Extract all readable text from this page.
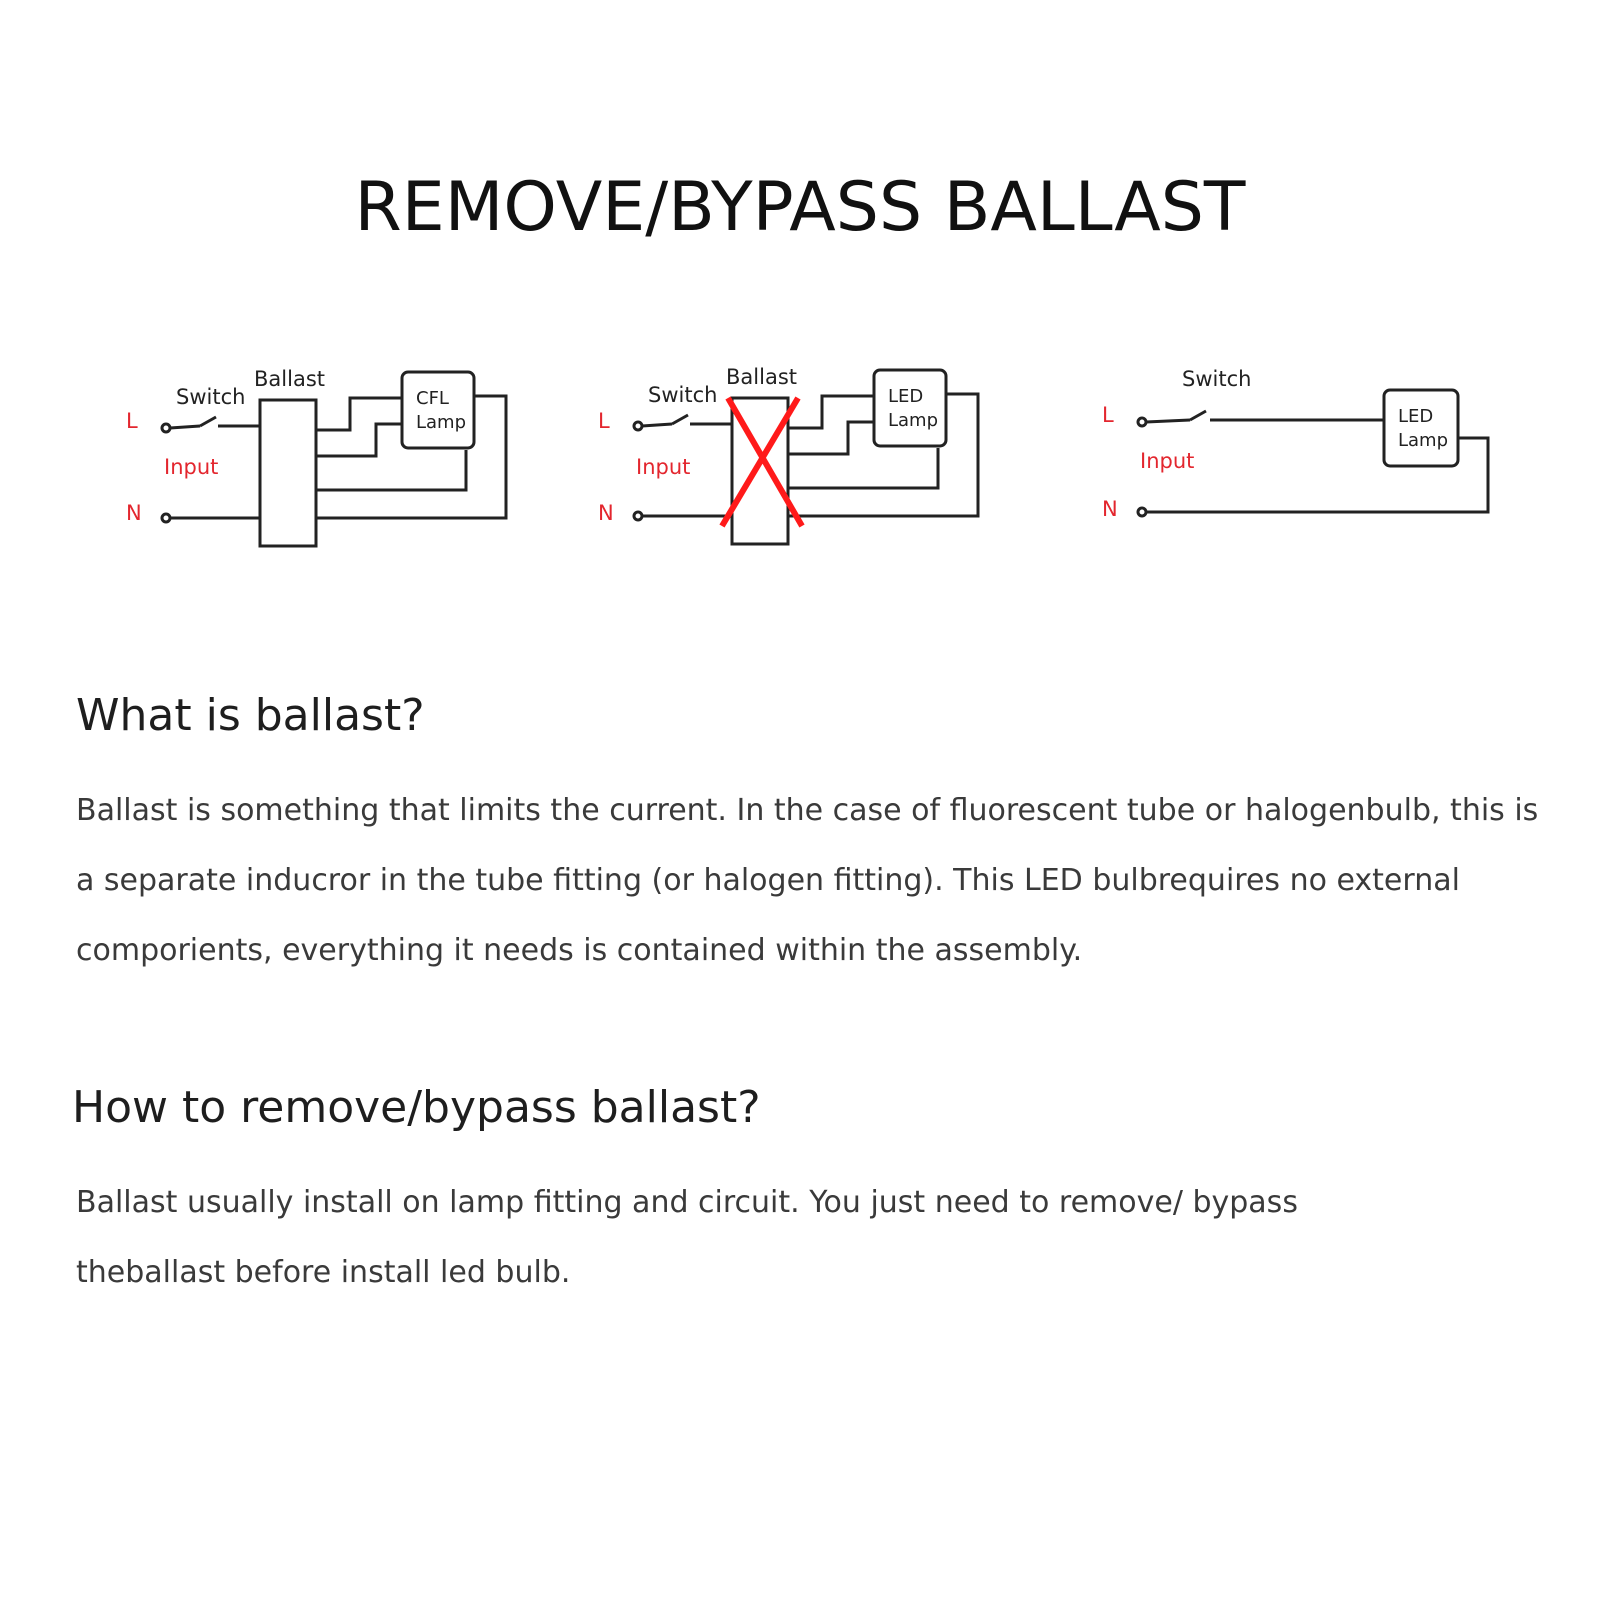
REMOVE/BYPASS BALLAST
L
N
Input
Switch
Ballast
CFL
Lamp	L
N
Input
Switch
Ballast
LED
Lamp	L
N
Input
Switch
LED
Lamp
What is ballast?

Ballast is something that limits the current. In the case of fluorescent tube or halogenbulb, this is a separate inducror in the tube fitting (or halogen fitting). This LED bulbrequires no external comporients, everything it needs is contained within the assembly.

How to remove/bypass ballast?

Ballast usually install on lamp fitting and circuit. You just need to remove/ bypass theballast before install led bulb.
